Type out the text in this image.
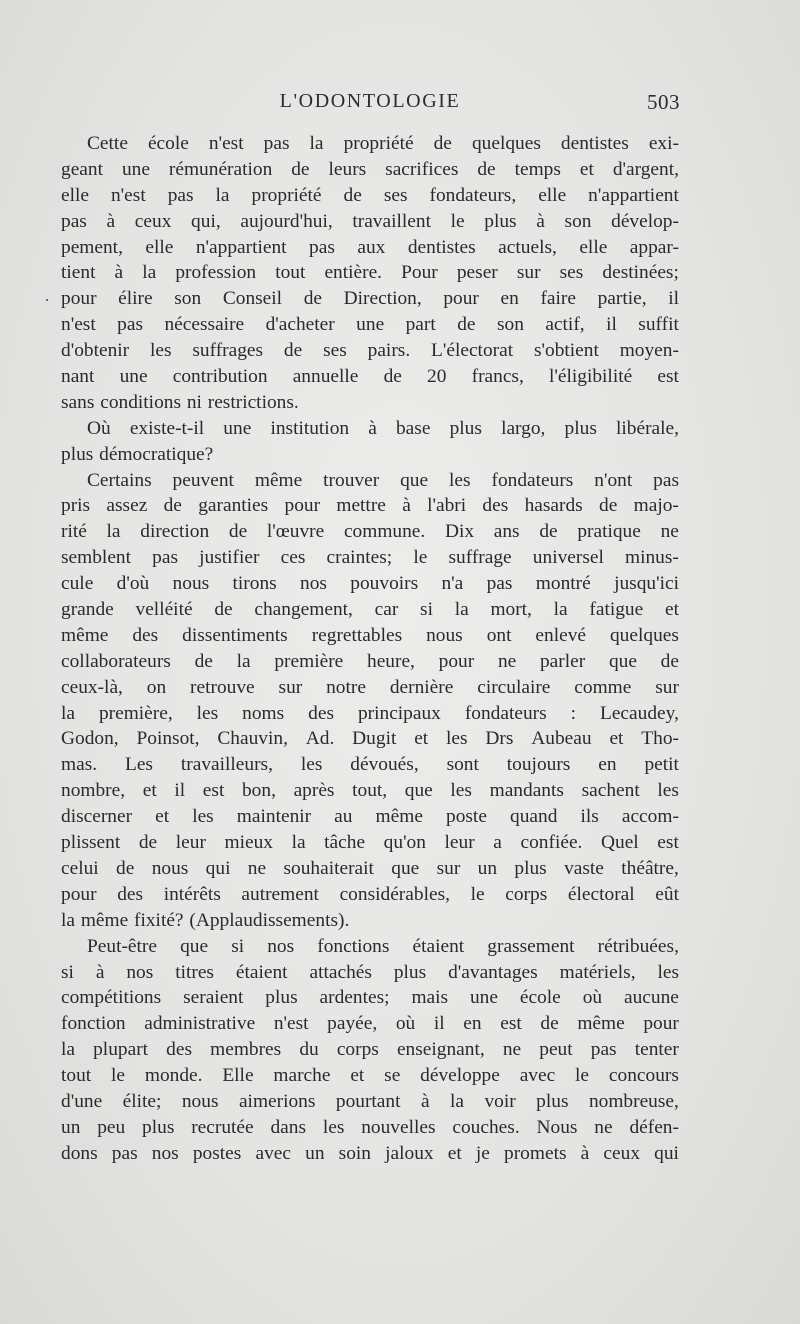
L'ODONTOLOGIE	503
Cette école n'est pas la propriété de quelques dentistes exi-
geant une rémunération de leurs sacrifices de temps et d'argent,
elle n'est pas la propriété de ses fondateurs, elle n'appartient
pas à ceux qui, aujourd'hui, travaillent le plus à son dévelop-
pement, elle n'appartient pas aux dentistes actuels, elle appar-
tient à la profession tout entière. Pour peser sur ses destinées;
pour élire son Conseil de Direction, pour en faire partie, il
n'est pas nécessaire d'acheter une part de son actif, il suffit
d'obtenir les suffrages de ses pairs. L'électorat s'obtient moyen-
nant une contribution annuelle de 20 francs, l'éligibilité est
sans conditions ni restrictions.
Où existe-t-il une institution à base plus largo, plus libérale,
plus démocratique?
Certains peuvent même trouver que les fondateurs n'ont pas
pris assez de garanties pour mettre à l'abri des hasards de majo-
rité la direction de l'œuvre commune. Dix ans de pratique ne
semblent pas justifier ces craintes; le suffrage universel minus-
cule d'où nous tirons nos pouvoirs n'a pas montré jusqu'ici
grande velléité de changement, car si la mort, la fatigue et
même des dissentiments regrettables nous ont enlevé quelques
collaborateurs de la première heure, pour ne parler que de
ceux-là, on retrouve sur notre dernière circulaire comme sur
la première, les noms des principaux fondateurs : Lecaudey,
Godon, Poinsot, Chauvin, Ad. Dugit et les Drs Aubeau et Tho-
mas. Les travailleurs, les dévoués, sont toujours en petit
nombre, et il est bon, après tout, que les mandants sachent les
discerner et les maintenir au même poste quand ils accom-
plissent de leur mieux la tâche qu'on leur a confiée. Quel est
celui de nous qui ne souhaiterait que sur un plus vaste théâtre,
pour des intérêts autrement considérables, le corps électoral eût
la même fixité? (Applaudissements).
Peut-être que si nos fonctions étaient grassement rétribuées,
si à nos titres étaient attachés plus d'avantages matériels, les
compétitions seraient plus ardentes; mais une école où aucune
fonction administrative n'est payée, où il en est de même pour
la plupart des membres du corps enseignant, ne peut pas tenter
tout le monde. Elle marche et se développe avec le concours
d'une élite; nous aimerions pourtant à la voir plus nombreuse,
un peu plus recrutée dans les nouvelles couches. Nous ne défen-
dons pas nos postes avec un soin jaloux et je promets à ceux qui
·
